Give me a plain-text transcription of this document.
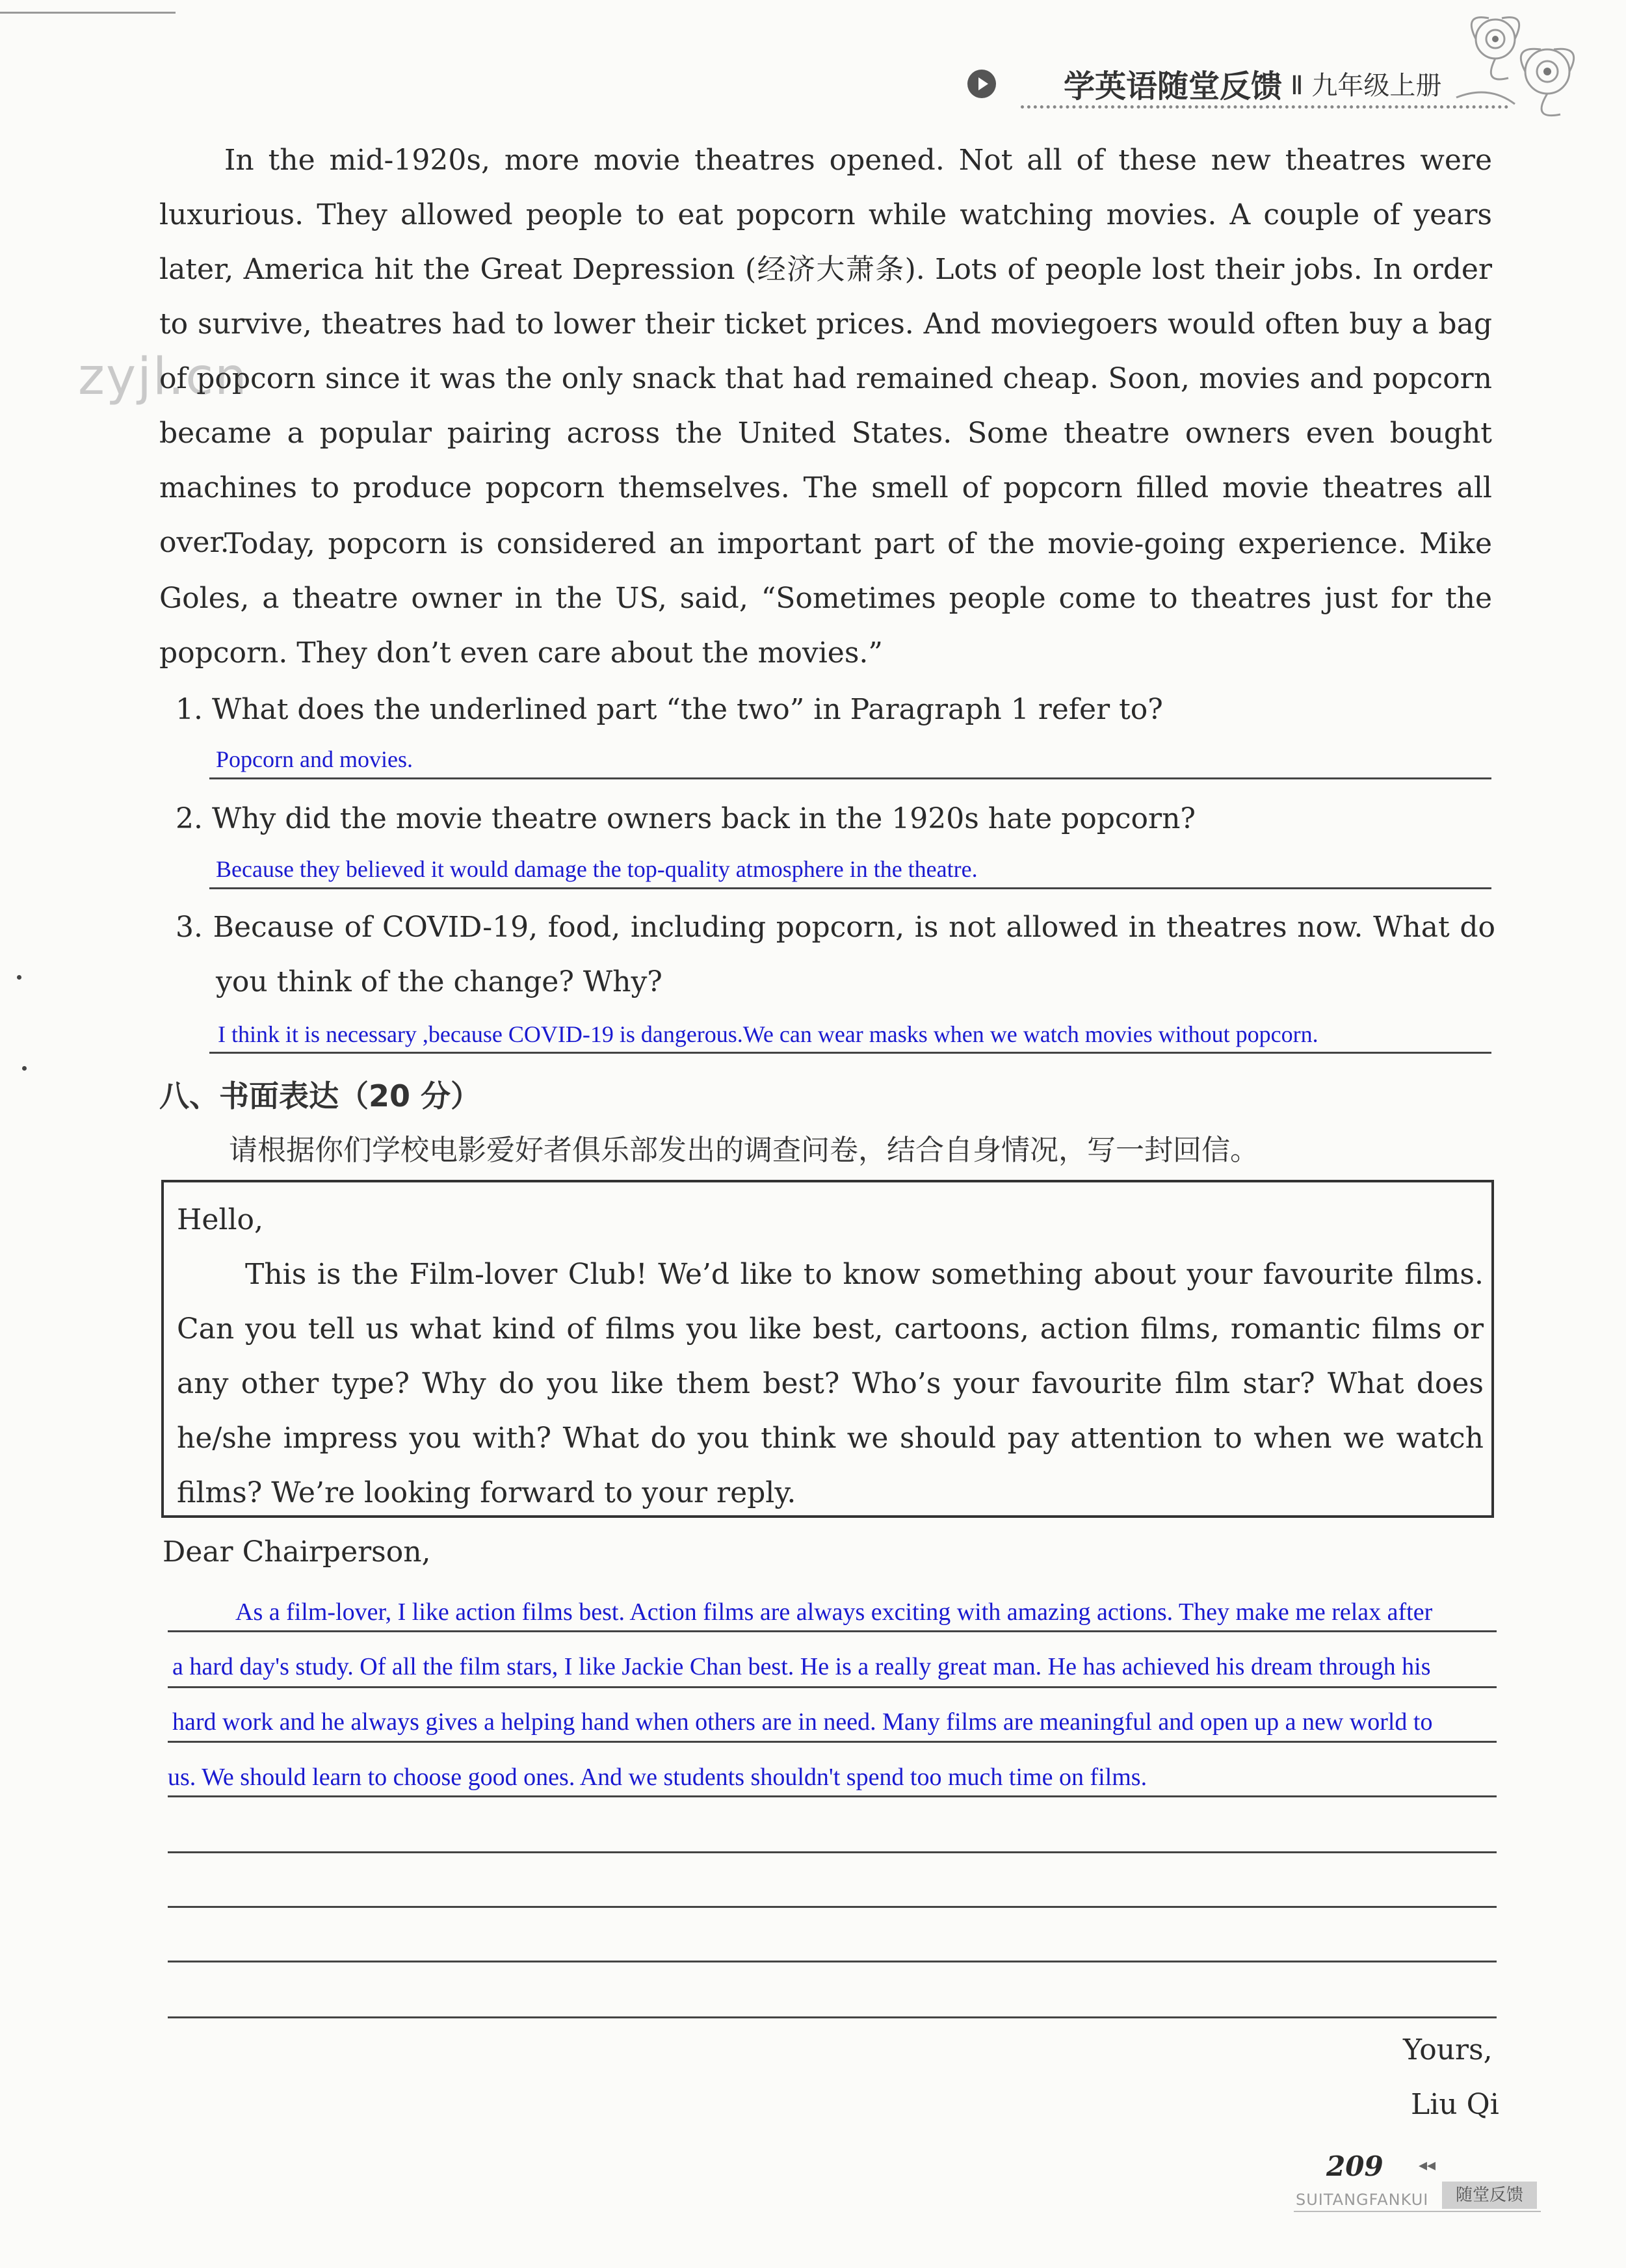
学英语随堂反馈 Ⅱ 九年级上册
zyjl.cn

In the mid-1920s, more movie theatres opened. Not all of these new theatres were luxurious. They allowed people to eat popcorn while watching movies. A couple of years later, America hit the Great Depression (经济大萧条). Lots of people lost their jobs. In order to survive, theatres had to lower their ticket prices. And moviegoers would often buy a bag of popcorn since it was the only snack that had remained cheap. Soon, movies and popcorn became a popular pairing across the United States. Some theatre owners even bought machines to produce popcorn themselves. The smell of popcorn filled movie theatres all over.

Today, popcorn is considered an important part of the movie-going experience. Mike Goles, a theatre owner in the US, said, “Sometimes people come to theatres just for the popcorn. They don’t even care about the movies.”

1. What does the underlined part “the two” in Paragraph 1 refer to?
Popcorn and movies.
2. Why did the movie theatre owners back in the 1920s hate popcorn?
Because they believed it would damage the top-quality atmosphere in the theatre.
3. Because of COVID-19, food, including popcorn, is not allowed in theatres now. What do you think of the change? Why?
I think it is necessary ,because COVID-19 is dangerous.We can wear masks when we watch movies without popcorn.
八、书面表达（20 分）
请根据你们学校电影爱好者俱乐部发出的调查问卷，结合自身情况，写一封回信。

Hello,

This is the Film-lover Club! We’d like to know something about your favourite films. Can you tell us what kind of films you like best, cartoons, action films, romantic films or any other type? Why do you like them best? Who’s your favourite film star? What does he/she impress you with? What do you think we should pay attention to when we watch films? We’re looking forward to your reply.

Dear Chairperson,
As a film-lover, I like action films best. Action films are always exciting with amazing actions. They make me relax after
a hard day's study. Of all the film stars, I like Jackie Chan best. He is a really great man. He has achieved his dream through his
hard work and he always gives a helping hand when others are in need. Many films are meaningful and open up a new world to
us. We should learn to choose good ones. And we students shouldn't spend too much time on films.
Yours,
Liu Qi
209 ◂◂
SUITANGFANKUI	随堂反馈
